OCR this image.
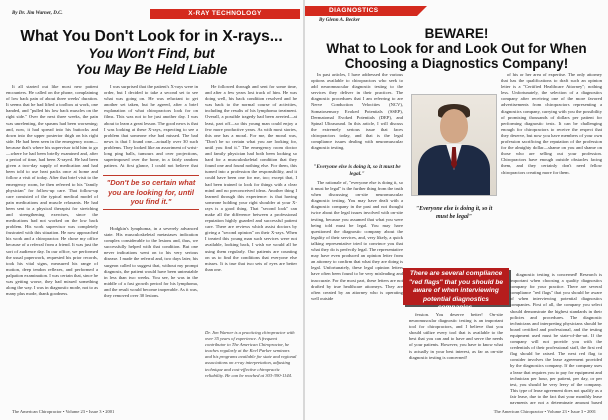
By Dr. Jim Warner, D.C.	X-RAY TECHNOLOGY
What You Don't Look for in X-rays...
You Won't Find, but
You May Be Held Liable

It all started out like most new patient encounters. He called on the phone, complaining of low back pain of about three weeks' duration. It seems that he had lifted a toolbox at work, one handed, and "pulled his low back muscles on the right side." Over the next three weeks, the pain was unrelenting, the spasms had been worsening; and, now, it had spread into his buttocks and down into the upper posterior thigh on his right side. He had been seen in the emergency room—because that's where his supervisor told him to go—where he had been briefly examined and, after a period of time, had been X-rayed. He had been given a two-day supply of medication and had been told to use heat packs once at home and follow a visit of today. After that brief visit to the emergency room, he then referred to his "family physician" for follow-up care. That follow-up care consisted of the typical medical model of pain medications and muscle relaxants. He had been sent to a physical therapist for stretching and strengthening exercises, since the medications had not worked on the low back problem. His work supervisor was completely frustrated with this situation. He now approached his work and a chiropractor. He chose my office because of a referral from a friend. It was just the sort of audience day. In our office, we performed the usual paperwork, requested his prior records, took his vital signs, measured his range of motion, deep tendon reflexes, and performed a palpation examination. I was certain that, since he was getting worse, they had missed something along the way. I was in diagnostic mode, not to as many plus mode, thank goodness.

I was surprised that the patient's X-rays were in order, but I decided to take a second set to see what was going on. He was reluctant to get another set taken, but he agreed, after a brief explanation of what chiropractors look for on films. This was not to be just another day. I was about to learn a great lesson. The good news is that I was looking at these X-rays, expecting to see a problem that someone else had missed. The bad news is that I found one—actually over 30 such problems. They looked like an assortment of wrist-long ping balls, tumours and over projections, superimposed over the bone, in a fairly random pattern. At first glance, I could not believe that

"Don't be so certain what you are looking for, until you find it."

Hodgkin's lymphoma, in a severely advanced state. His musculoskeletal metastases indication complex considerable to the lesions and, thus, we successfully helped with that condition. But one never indications went on to his very serious disease. I made the referral and, two days later, his surgeon called to suggest that, without my prompt diagnosis, the patient would have been untreatable in less than two weeks. You see, he was in the middle of a fast growth period for his lymphoma, and the result would become inoperable. As it was, they removed over 30 lesions.

He followed through and sent for some time, and after a few years lost track of him. He was doing well, his back condition resolved and he was back to the normal course of activities, including the results of his lymphoma treatment. Overall, a possible tragedy had been averted—at least, part off—so this young man could enjoy a few more productive years. As with most stories, this one has a moral. For me, the moral was, "Don't be so certain what you are looking for, until you find it." The emergency room doctor and family physician had both been looking so hard for a musculoskeletal condition that they found one and found nothing else. For them, this turned into a profession the responsibility, and it could have been one for me, too; except that, I had been trained to look for things with a clear mind and no preconceived ideas. Another thing I learned through this experience: is that having someone holding your right shoulder at your X-rays is a good thing. That "second look" can make all the difference between a professional reputation highly guarded and successful patient care. There are reviews which assist doctors by giving a "second opinion" on their X-rays. When I treated this young man such services were not available, looking back, I wish we would all be using them regularly. Our patients are counting on us to find the conditions that everyone else misses. It is true that two sets of eyes are better than one.

Dr. Jim Warner is a practicing chiropractor with over 35 years of experience. A frequent contributor to The American Chiropractor, he teaches regularly at the Keel Parker seminars and his programs available for state and regional associations on x-ray interpretation, adjusting technique and cost-effective chiropractic reliability. He can be reached at 303-390-1144.
The American Chiropractor • Volume 23 • Issue 3 • 2001
DIAGNOSTICS
BEWARE!
What to Look for and Look Out for When Choosing a Diagnostics Company!
By Glenn A. Becker

In past articles, I have addressed the various options available to chiropractors who seek to add neuromuscular diagnostic testing to the services they deliver in their practices. The diagnostic procedures that I am referring to are Nerve Conduction Velocities (NCV), Somatosensory Evoked Potentials (SSEP), Dermatomal Evoked Potentials (DEP), and Spinal Ultrasound. In this article, I will discuss the extremely serious issue that faces chiropractors today, and that is the legal compliance issues dealing with neuromuscular diagnostic testing.

"Everyone else is doing it, so it must be legal."

The rationale of, "everyone else is doing it, so it must be legal" is the further thing from the truth when discussing on-site neuromuscular diagnostic testing. You may have dealt with a diagnostic company in the past and not thought twice about the legal issues involved with on-site testing, because you assumed that what you were being told must be legal. You may have questioned the diagnostic company about the legality of their services, and, very likely, a quick talking representative tried to convince you that what they do is perfectly legal. The representative may have even produced an opinion letter from an attorney to confirm that what they are doing is legal. Unfortunately, these legal opinion letters have often been found to be very misleading and inaccurate. For the most part, these letters are not drafted by true healthcare attorneys. They are often created by an attorney who is operating well outside

"Everyone else is doing it, so it must be legal"

of his or her area of expertise. The only attorney that has the qualifications to draft such an opinion letter is a "Certified Healthcare Attorney"; nothing less. Unfortunately, the selection of a diagnostics company after receiving one of the more favored advertisements from chiropractors representing a diagnostics company, carrying with you the possibility of promising thousands of dollars per patient for performing diagnostic tests. It can be challenging enough for chiropractors to receive the respect that they deserve, but now you have members of your own profession sacrificing the reputation of the profession for the almighty dollar—shame on you and shame on those who are selling out your profession. Chiropractors have enough outside obstacles facing them, and they certainly don't need fellow chiropractors creating more for them.

There are several compliance "red flags" that you should be aware of when interviewing potential diagnostics companies.

fession. You deserve better! On-site neuromuscular diagnostic testing is an important tool for chiropractors, and I believe that you should utilize every tool that is available to the best that you can and to have and serve the needs of your patients. However, you have to know what is actually in your best interest, as far as on-site diagnostic testing is concerned!

diagnostic testing is concerned! Research is important when choosing a quality diagnostics company for your practice. There are several compliance "red flags" that you should be aware of when interviewing potential diagnostics companies. First of all, the company you select should demonstrate the highest standards in their policies and procedures. The diagnostic technicians and interpreting physicians should be board certified and professional, and the testing equipment used must be state-of-the-art. If the company will not provide you with the credentials of their professional staff, the first red flag should be raised. The next red flag to consider involves the lease agreement provided by the diagnostics company. If the company uses a lease that requires you to pay for equipment and technician per hour, per patient, per day, or per test, you should be very leery of the company. This type of lease agreement does not qualify as a fair lease, due to the fact that your monthly lease payments are not a determinate amount based

The American Chiropractor • Volume 23 • Issue 3 • 2001
